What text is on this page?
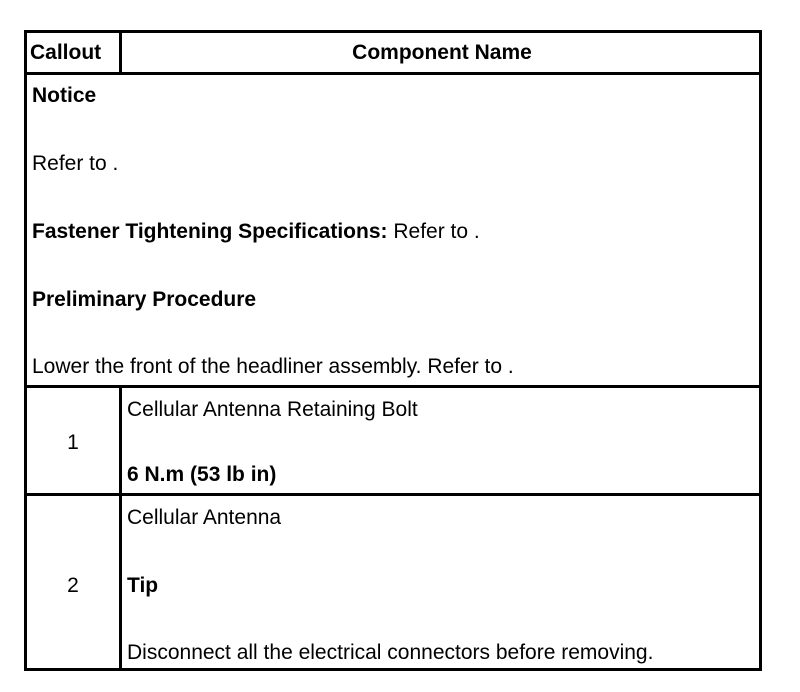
Callout	Component Name
Notice
Refer to .
Fastener Tightening Specifications: Refer to .
Preliminary Procedure
Lower the front of the headliner assembly. Refer to .
1
Cellular Antenna Retaining Bolt
6 N.m (53 lb in)
2
Cellular Antenna
Tip
Disconnect all the electrical connectors before removing.
